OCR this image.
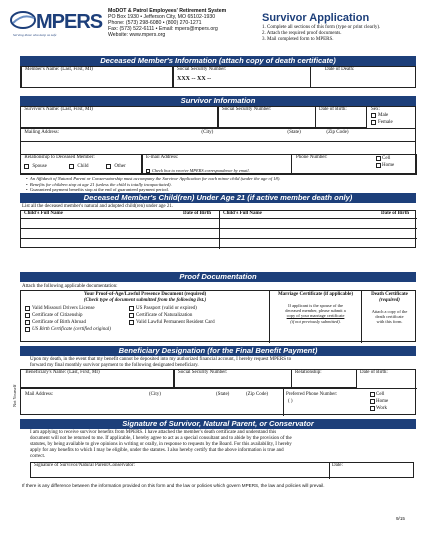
MPERS
Serving those who keep us safe
MoDOT & Patrol Employees' Retirement System
PO Box 1930 • Jefferson City, MO 65102-1930
Phone: (573) 298-6080 • (800) 270-1271
Fax: (573) 522-6111 • Email: mpers@mpers.org
Website: www.mpers.org
Survivor Application
1. Complete all sections of this form (type or print clearly).
2. Attach the required proof documents.
3. Mail completed form to MPERS.
Deceased Member's Information (attach copy of death certificate)
Member's Name: (Last, First, MI)	Social Security Number:
XXX -- XX --
Date of Death:
Survivor Information
Survivor's Name: (Last, First, MI)	Social Security Number:	Date of Birth:	Sex:
Male
Female
Mailing Address:	(City)	(State)	(Zip Code)
Relationship to Deceased Member:
Spouse	Child	Other
E-mail Address:
Check box to receive MPERS correspondence by email.
Phone Number:	Cell
Home
•  An Affidavit of Natural Parent or Conservatorship must accompany the Survivor Application for each minor child (under the age of 18).
•  Benefits for children stop at age 21 (unless the child is totally incapacitated).
•  Guaranteed payment benefits stop at the end of guaranteed payment period.
Deceased Member's Child(ren) Under Age 21 (if active member death only)
List all the deceased member's natural and adopted child(ren) under age 21.
Child's Full Name	Date of Birth Child's Full Name	Date of Birth
Proof Documentation
Attach the following applicable documentation:
Your Proof-of-Age/Lawful Presence Document (required)
(Check type of document submitted from the following list.)
Valid Missouri Drivers License
Certificate of Citizenship
Certificate of Birth Abroad
US Birth Certificate (certified original)
US Passport (valid or expired)
Certificate of Naturalization
Valid Lawful Permanent Resident Card
Marriage Certificate (if applicable)
If applicant is the spouse of the
deceased member, please submit a
copy of your marriage certificate
(if not previously submitted).
Death Certificate
(required)
Attach a copy of the
death certificate
with this form.
Beneficiary Designation (for the Final Benefit Payment)
Not Yourself
Upon my death, in the event that my benefit cannot be deposited into my authorized financial account, I hereby request MPERS to
forward my final monthly survivor payment to the following designated beneficiary.
Beneficiary's Name: (Last, First, MI)	Social Security Number:	Relationship:	Date of Birth:
Mail Address:	(City)	(State)	(Zip Code)	Preferred Phone Number:
( )
Cell
Home
Work
Signature of Survivor, Natural Parent, or Conservator
I am applying to receive survivor benefits from MPERS. I have attached the member's death certificate and understand this
document will not be returned to me. If applicable, I hereby agree to act as a special consultant and to abide by the provision of the
statutes, by being available to give opinions in writing or orally, in response to requests by the Board. For this availability, I hereby
apply for any benefits to which I may be eligible, under the statutes. I also hereby certify that the above information is true and
correct.
Signature of Survivor/Natural Parent/Conservator:	Date:
If there is any difference between the information provided on this form and the law or policies which govern MPERS, the law and policies will prevail.
9/15
